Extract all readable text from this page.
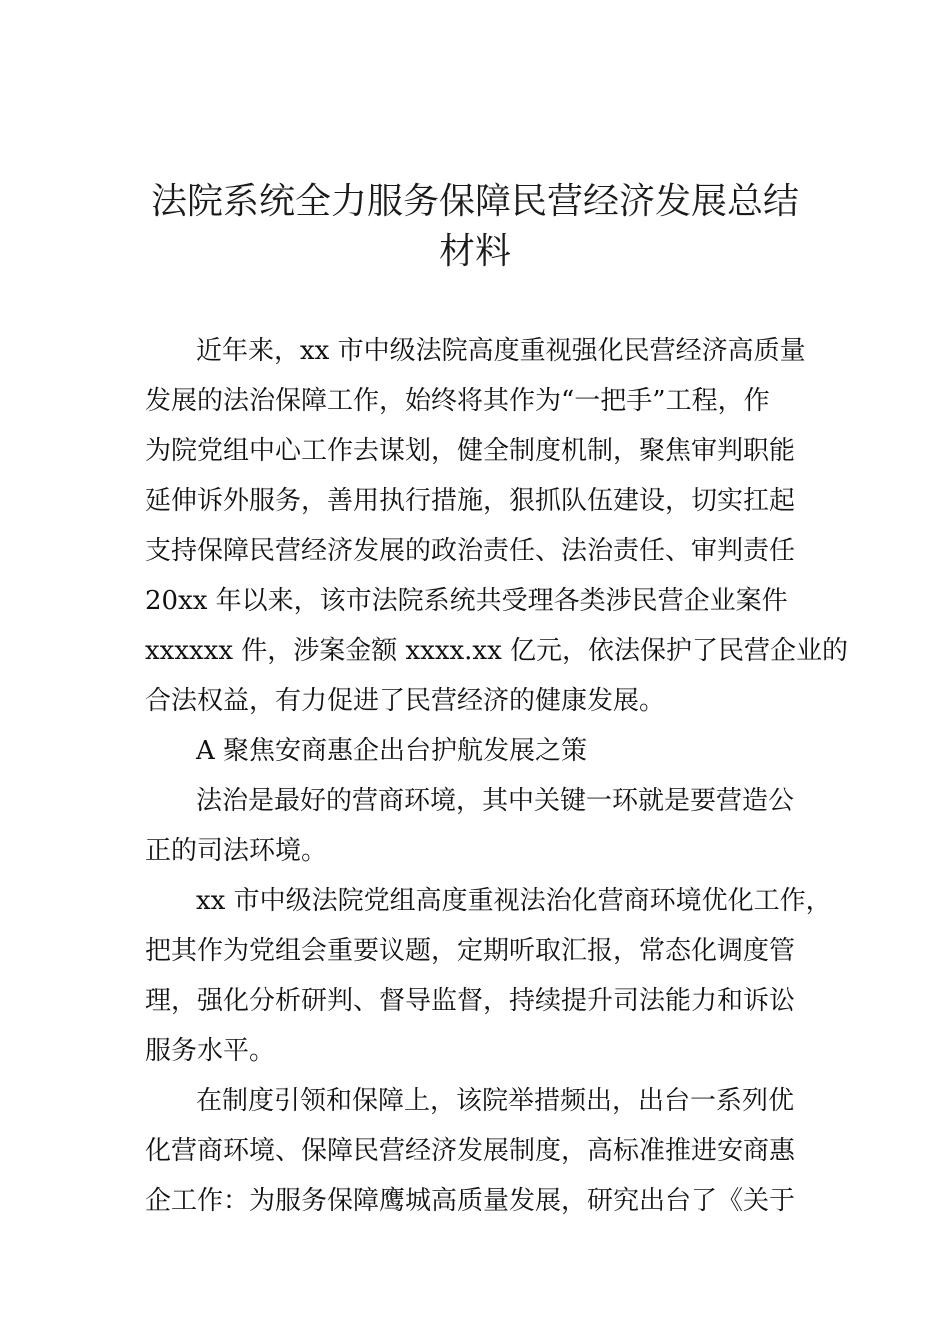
法院系统全力服务保障民营经济发展总结
材料
近年来，xx 市中级法院高度重视强化民营经济高质量
发展的法治保障工作，始终将其作为“一把手”工程，作
为院党组中心工作去谋划，健全制度机制，聚焦审判职能
延伸诉外服务，善用执行措施，狠抓队伍建设，切实扛起
支持保障民营经济发展的政治责任、法治责任、审判责任
20xx 年以来，该市法院系统共受理各类涉民营企业案件
xxxxxx 件，涉案金额 xxxx.xx 亿元，依法保护了民营企业的
合法权益，有力促进了民营经济的健康发展。
A 聚焦安商惠企出台护航发展之策
法治是最好的营商环境，其中关键一环就是要营造公
正的司法环境。
xx 市中级法院党组高度重视法治化营商环境优化工作，
把其作为党组会重要议题，定期听取汇报，常态化调度管
理，强化分析研判、督导监督，持续提升司法能力和诉讼
服务水平。
在制度引领和保障上，该院举措频出，出台一系列优
化营商环境、保障民营经济发展制度，高标准推进安商惠
企工作：为服务保障鹰城高质量发展，研究出台了《关于
